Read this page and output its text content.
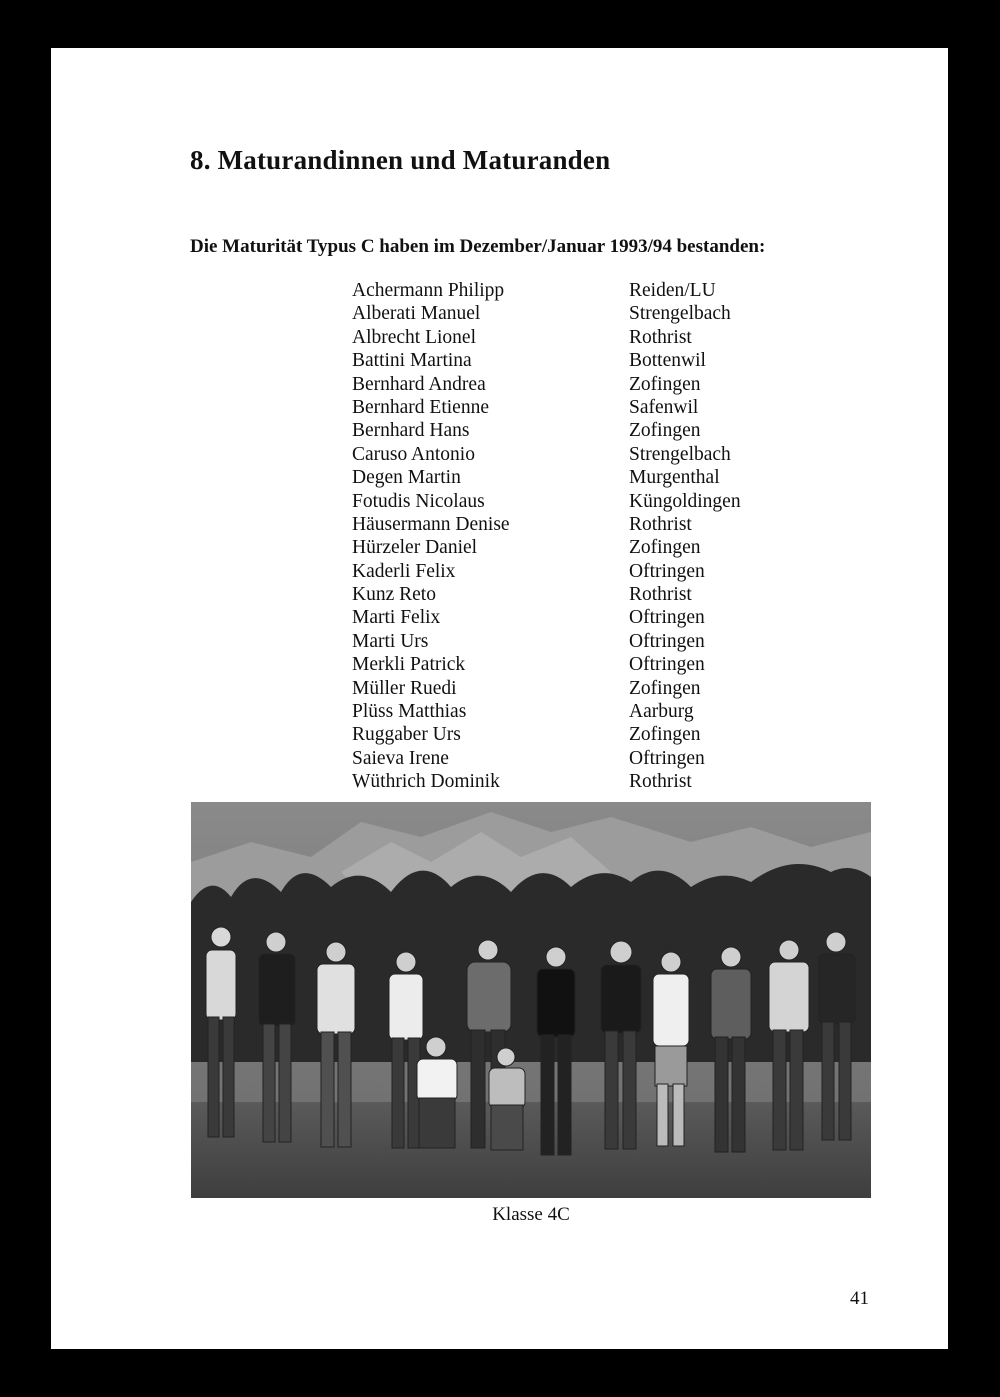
8. Maturandinnen und Maturanden
Die Maturität Typus C haben im Dezember/Januar 1993/94 bestanden:
Achermann Philipp	Reiden/LU
Alberati Manuel	Strengelbach
Albrecht Lionel	Rothrist
Battini Martina	Bottenwil
Bernhard Andrea	Zofingen
Bernhard Etienne	Safenwil
Bernhard Hans	Zofingen
Caruso Antonio	Strengelbach
Degen Martin	Murgenthal
Fotudis Nicolaus	Küngoldingen
Häusermann Denise	Rothrist
Hürzeler Daniel	Zofingen
Kaderli Felix	Oftringen
Kunz Reto	Rothrist
Marti Felix	Oftringen
Marti Urs	Oftringen
Merkli Patrick	Oftringen
Müller Ruedi	Zofingen
Plüss Matthias	Aarburg
Ruggaber Urs	Zofingen
Saieva Irene	Oftringen
Wüthrich Dominik	Rothrist
Klasse 4C
41
